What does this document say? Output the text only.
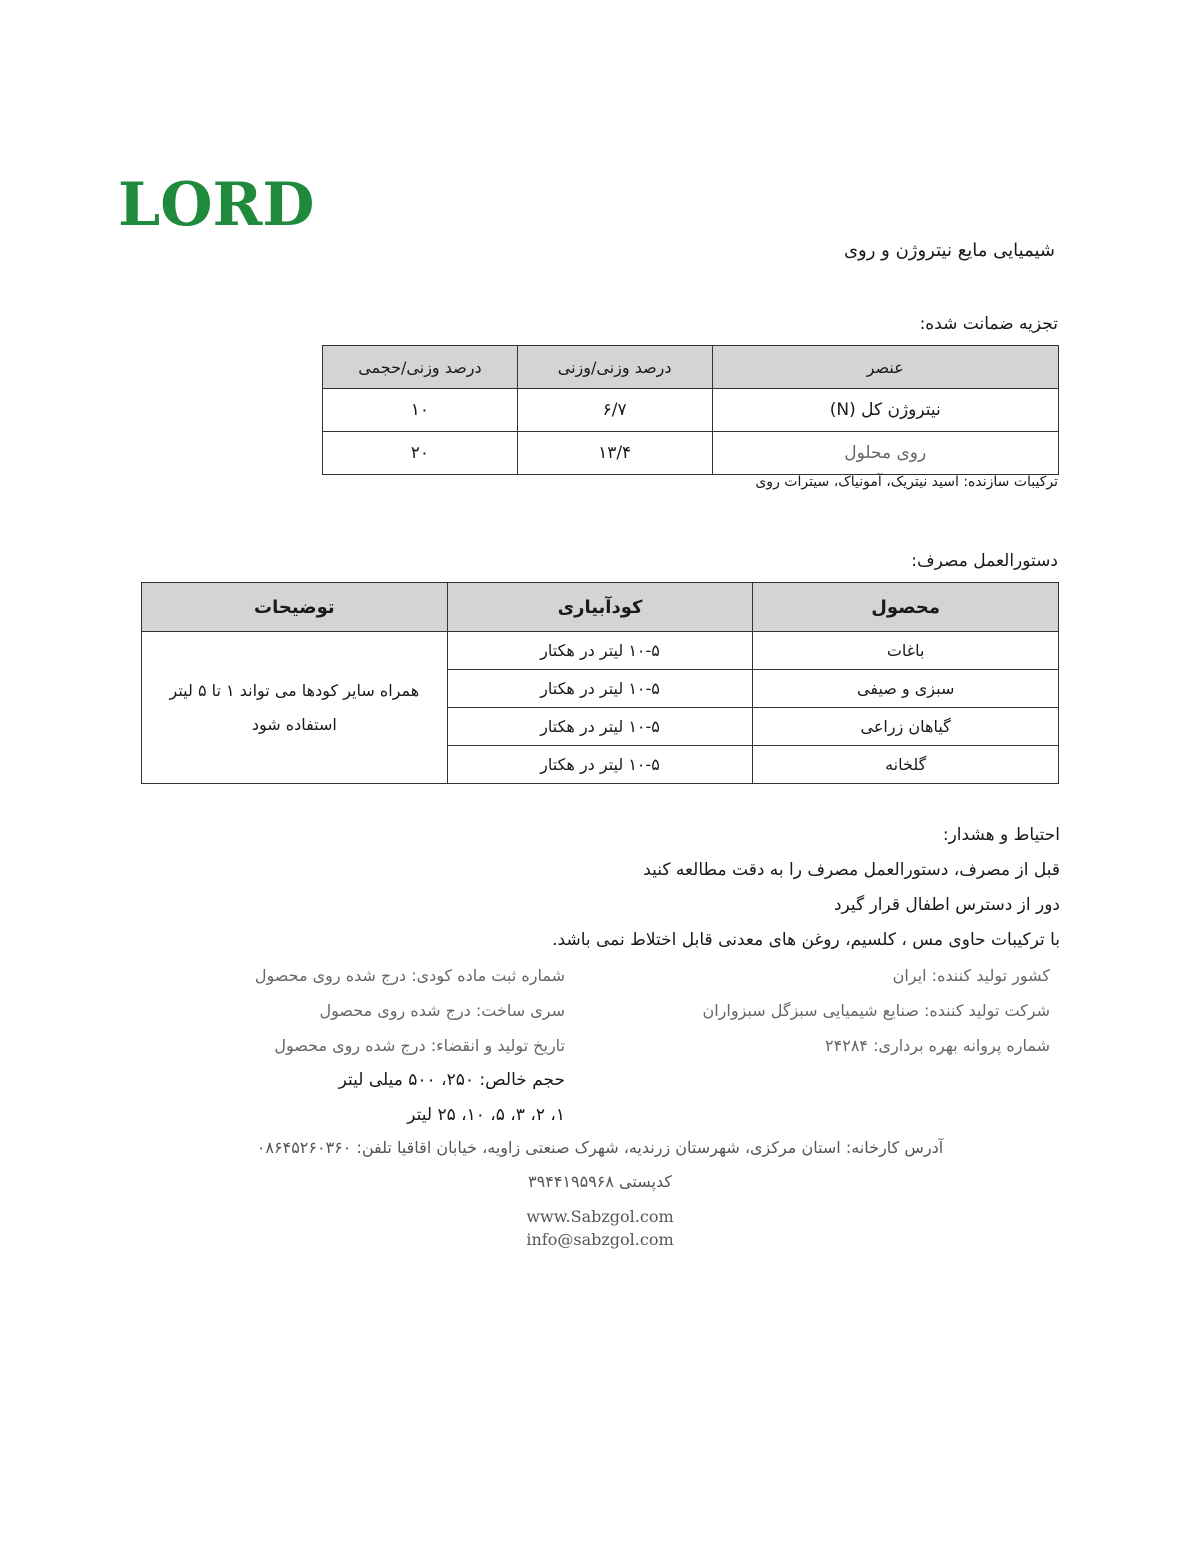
LORD
شیمیایی مایع نیتروژن و روی
تجزیه ضمانت شده:
عنصر	درصد وزنی/وزنی	درصد وزنی/حجمی
نیتروژن کل (N)	۶/۷	۱۰
روی محلول	۱۳/۴	۲۰
ترکیبات سازنده: اسید نیتریک، آمونیاک، سیترات روی
دستورالعمل مصرف:
محصول	کودآبیاری	توضیحات
باغات	۱۰-۵ لیتر در هکتار	همراه سایر کودها می تواند ۱ تا ۵ لیتر استفاده شود
سبزی و صیفی	۱۰-۵ لیتر در هکتار	
گیاهان زراعی	۱۰-۵ لیتر در هکتار	
گلخانه	۱۰-۵ لیتر در هکتار	
احتیاط و هشدار:
قبل از مصرف، دستورالعمل مصرف را به دقت مطالعه کنید
دور از دسترس اطفال قرار گیرد
با ترکیبات حاوی مس ، کلسیم، روغن های معدنی قابل اختلاط نمی باشد.
کشور تولید کننده: ایران
شرکت تولید کننده: صنایع شیمیایی سبزگل سبزواران
شماره پروانه بهره برداری: ۲۴۲۸۴
شماره ثبت ماده کودی: درج شده روی محصول
سری ساخت: درج شده روی محصول
تاریخ تولید و انقضاء: درج شده روی محصول
حجم خالص: ۲۵۰، ۵۰۰ میلی لیتر
۱، ۲، ۳، ۵، ۱۰، ۲۵ لیتر
آدرس کارخانه: استان مرکزی، شهرستان زرندیه، شهرک صنعتی زاویه، خیابان اقاقیا تلفن: ۰۸۶۴۵۲۶۰۳۶۰
کدپستی ۳۹۴۴۱۹۵۹۶۸
www.Sabzgol.com
info@sabzgol.com
